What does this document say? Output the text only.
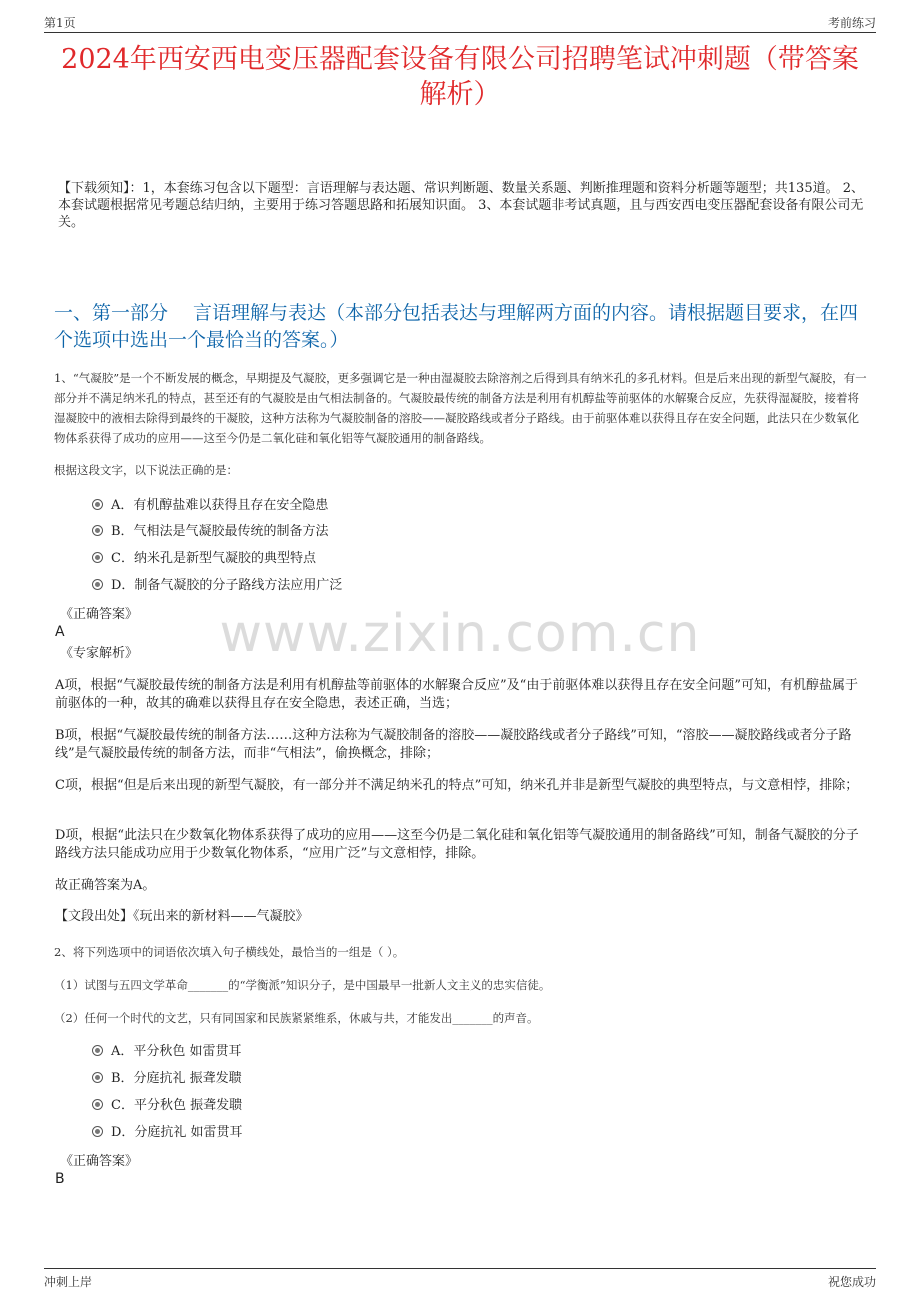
第1页	考前练习
2024年西安西电变压器配套设备有限公司招聘笔试冲刺题（带答案解析）
【下载须知】：1，本套练习包含以下题型：言语理解与表达题、常识判断题、数量关系题、判断推理题和资料分析题等题型；共135道。 2、本套试题根据常见考题总结归纳，主要用于练习答题思路和拓展知识面。 3、本套试题非考试真题，且与西安西电变压器配套设备有限公司无关。
一、第一部分　 言语理解与表达（本部分包括表达与理解两方面的内容。请根据题目要求，在四个选项中选出一个最恰当的答案。）
1、“气凝胶”是一个不断发展的概念，早期提及气凝胶，更多强调它是一种由湿凝胶去除溶剂之后得到具有纳米孔的多孔材料。但是后来出现的新型气凝胶，有一部分并不满足纳米孔的特点，甚至还有的气凝胶是由气相法制备的。气凝胶最传统的制备方法是利用有机醇盐等前驱体的水解聚合反应，先获得湿凝胶，接着将湿凝胶中的液相去除得到最终的干凝胶，这种方法称为气凝胶制备的溶胶——凝胶路线或者分子路线。由于前驱体难以获得且存在安全问题，此法只在少数氧化物体系获得了成功的应用——这至今仍是二氧化硅和氧化铝等气凝胶通用的制备路线。
根据这段文字，以下说法正确的是：
A．有机醇盐难以获得且存在安全隐患
B．气相法是气凝胶最传统的制备方法
C．纳米孔是新型气凝胶的典型特点
D．制备气凝胶的分子路线方法应用广泛
《正确答案》
A	www.zixin.com.cn
《专家解析》
A项，根据“气凝胶最传统的制备方法是利用有机醇盐等前驱体的水解聚合反应”及“由于前驱体难以获得且存在安全问题”可知，有机醇盐属于前驱体的一种，故其的确难以获得且存在安全隐患，表述正确，当选；
B项，根据“气凝胶最传统的制备方法……这种方法称为气凝胶制备的溶胶——凝胶路线或者分子路线”可知，“溶胶——凝胶路线或者分子路线”是气凝胶最传统的制备方法，而非“气相法”，偷换概念，排除；
C项，根据“但是后来出现的新型气凝胶，有一部分并不满足纳米孔的特点”可知，纳米孔并非是新型气凝胶的典型特点，与文意相悖，排除；
D项，根据“此法只在少数氧化物体系获得了成功的应用——这至今仍是二氧化硅和氧化铝等气凝胶通用的制备路线”可知，制备气凝胶的分子路线方法只能成功应用于少数氧化物体系，“应用广泛”与文意相悖，排除。
故正确答案为A。
【文段出处】《玩出来的新材料——气凝胶》
2、将下列选项中的词语依次填入句子横线处，最恰当的一组是（ ）。
（1）试图与五四文学革命_______的“学衡派”知识分子，是中国最早一批新人文主义的忠实信徒。
（2）任何一个时代的文艺，只有同国家和民族紧紧维系，休戚与共，才能发出_______的声音。
A．平分秋色 如雷贯耳
B．分庭抗礼 振聋发聩
C．平分秋色 振聋发聩
D．分庭抗礼 如雷贯耳
《正确答案》
B
冲刺上岸	祝您成功
